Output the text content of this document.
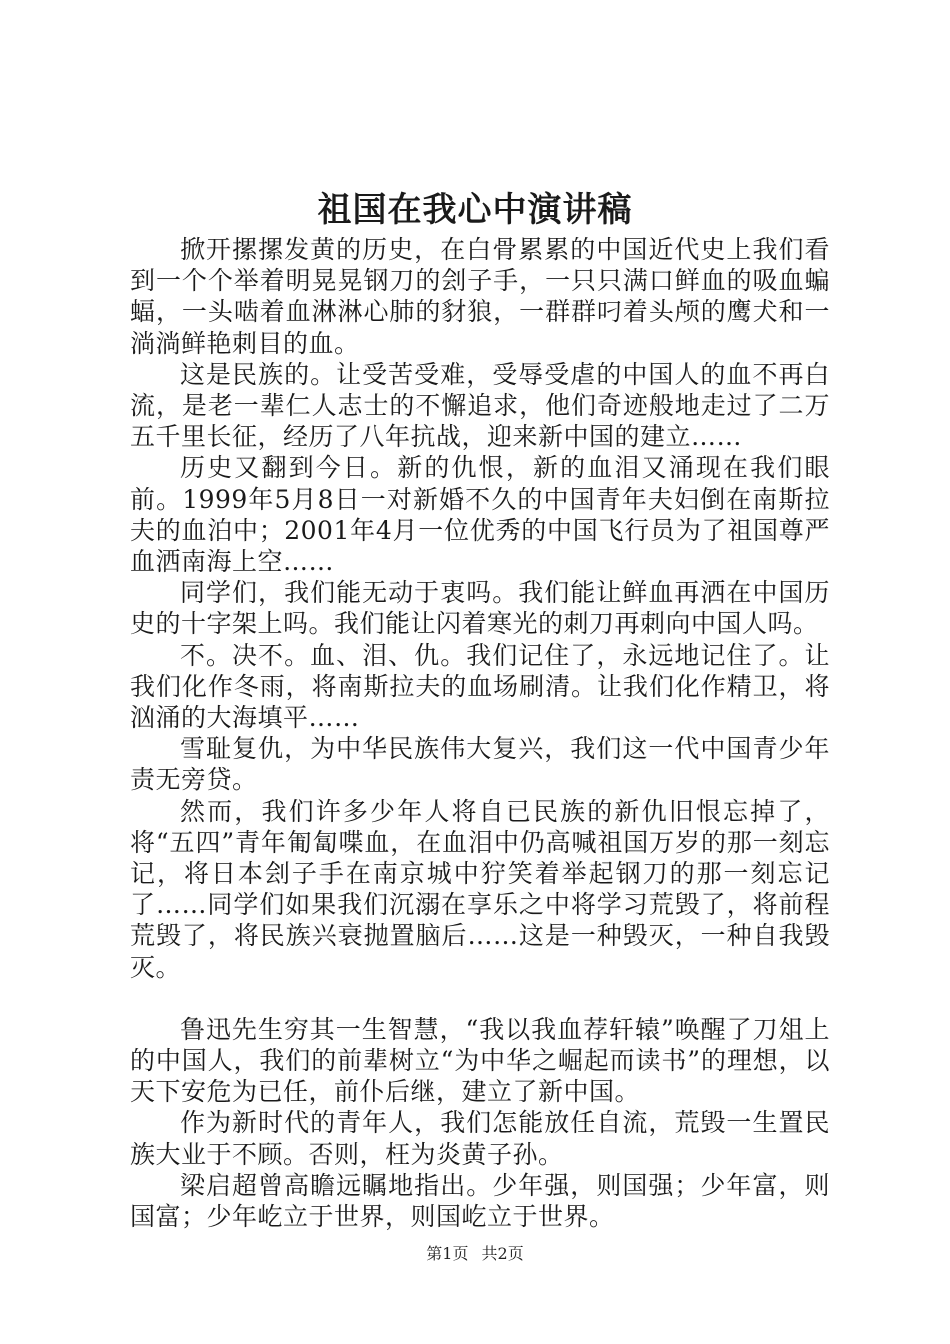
祖国在我心中演讲稿

掀开摞摞发黄的历史，在白骨累累的中国近代史上我们看到一个个举着明晃晃钢刀的刽子手，一只只满口鲜血的吸血蝙蝠，一头啮着血淋淋心肺的豺狼，一群群叼着头颅的鹰犬和一淌淌鲜艳刺目的血。

这是民族的。让受苦受难，受辱受虐的中国人的血不再白流，是老一辈仁人志士的不懈追求，他们奇迹般地走过了二万五千里长征，经历了八年抗战，迎来新中国的建立……

历史又翻到今日。新的仇恨，新的血泪又涌现在我们眼前。1999年5月8日一对新婚不久的中国青年夫妇倒在南斯拉夫的血泊中；2001年4月一位优秀的中国飞行员为了祖国尊严血洒南海上空……

同学们，我们能无动于衷吗。我们能让鲜血再洒在中国历史的十字架上吗。我们能让闪着寒光的刺刀再刺向中国人吗。

不。决不。血、泪、仇。我们记住了，永远地记住了。让我们化作冬雨，将南斯拉夫的血场刷清。让我们化作精卫，将汹涌的大海填平……

雪耻复仇，为中华民族伟大复兴，我们这一代中国青少年责无旁贷。

然而，我们许多少年人将自已民族的新仇旧恨忘掉了，将“五四”青年匍匐喋血，在血泪中仍高喊祖国万岁的那一刻忘记，将日本刽子手在南京城中狞笑着举起钢刀的那一刻忘记了……同学们如果我们沉溺在享乐之中将学习荒毁了，将前程荒毁了，将民族兴衰抛置脑后……这是一种毁灭，一种自我毁灭。

鲁迅先生穷其一生智慧，“我以我血荐轩辕”唤醒了刀俎上的中国人，我们的前辈树立“为中华之崛起而读书”的理想，以天下安危为已任，前仆后继，建立了新中国。

作为新时代的青年人，我们怎能放任自流，荒毁一生置民族大业于不顾。否则，枉为炎黄子孙。

梁启超曾高瞻远瞩地指出。少年强，则国强；少年富，则国富；少年屹立于世界，则国屹立于世界。

第1页 共2页
